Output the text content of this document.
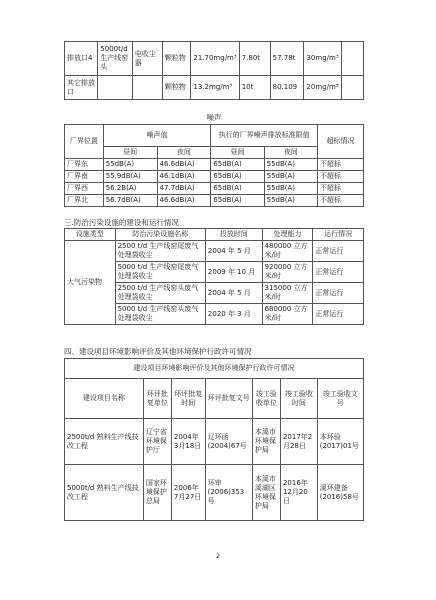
排放口4	5000t/d生产线窑头	电收尘器	颗粒物	21.70mg/m³	7.80t	57.78t	30mg/m³	
其它排放口			颗粒物	13.2mg/m³	10t	80.109	20mg/m³	
噪声
厂界位置	噪声值		执行的厂界噪声排放标准限值		超标情况
	昼间	夜间	昼间	夜间	
厂界东	55dB(A)	46.6dB(A)	65dB(A)	55dB(A)	不超标
厂界南	55.9dB(A)	46.1dB(A)	65dB(A)	55dB(A)	不超标
厂界西	56.2B(A)	47.7dB(A)	65dB(A)	55dB(A)	不超标
厂界北	56.7dB(A)	46.6dB(A)	65dB(A)	55dB(A)	不超标
三.防治污染设施的建设和运行情况
设施类型	防治污染设施名称	投放时间	处理能力	运行情况
大气污染物	2500 t/d 生产线窑尾废气处理袋收尘	2004 年 5 月	480000 立方米/时	正常运行
	5000 t/d 生产线窑尾废气处理袋收尘	2009 年 10 月	920000 立方米/时	正常运行
	2500 t/d 生产线窑头废气处理袋收尘	2004 年 5 月	315000 立方米/时	正常运行
	5000 t/d 生产线窑头废气处理袋收尘	2020 年 3 月	680000 立方米/时	正常运行
四、建设项目环境影响评价及其他环境保护行政许可情况
建设项目环境影响评价及其他环境保护行政许可情况						
建设项目名称	环评批复单位	环评批复时间	环评批复文号	竣工验收单位	竣工验收时间	竣工验收文号
2500t/d 熟料生产线技改工程	辽宁省环境保护厅	2004年3月18日	辽环函(2004)67号	本溪市环境保护局	2017年2月28日	本环验(2017)01号
5000t/d 熟料生产线技改工程	国家环境保护总局	2006年7月27日	环审(2006)353号	本溪市溪湖区环境保护局	2016年12月20日	溪环建备(2016)58号
2
